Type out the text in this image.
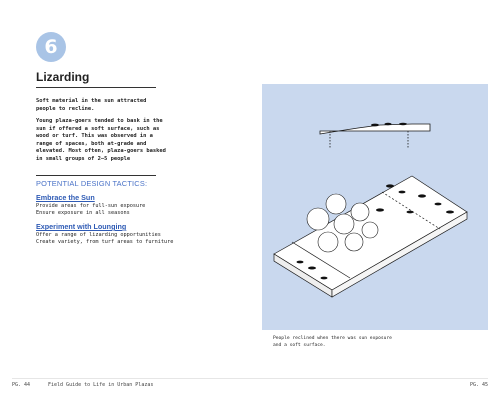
6
Lizarding

Soft material in the sun attracted people to recline.

Young plaza-goers tended to bask in the sun if offered a soft surface, such as wood or turf. This was observed in a range of spaces, both at-grade and elevated. Most often, plaza-goers basked in small groups of 2–5 people

POTENTIAL DESIGN TACTICS:

Embrace the Sun

Provide areas for full-sun exposure

Ensure exposure in all seasons

Experiment with Lounging

Offer a range of lizarding opportunities

Create variety, from turf areas to furniture

People reclined when there was sun exposure and a soft surface.

PG. 44	Field Guide to Life in Urban Plazas	PG. 45
